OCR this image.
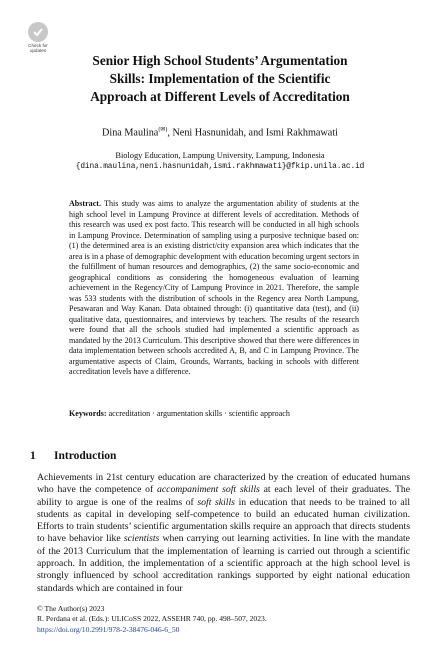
Check for
updates
Senior High School Students’ Argumentation
Skills: Implementation of the Scientific
Approach at Different Levels of Accreditation
Dina Maulina(✉), Neni Hasnunidah, and Ismi Rakhmawati
Biology Education, Lampung University, Lampung, Indonesia
{dina.maulina,neni.hasnunidah,ismi.rakhmawati}@fkip.unila.ac.id
Abstract. This study was aims to analyze the argumentation ability of students at the high school level in Lampung Province at different levels of accreditation. Methods of this research was used ex post facto. This research will be conducted in all high schools in Lampung Province. Determination of sampling using a purposive technique based on: (1) the determined area is an existing district/city expansion area which indicates that the area is in a phase of demographic development with education becoming urgent sectors in the fulfillment of human resources and demographics, (2) the same socio-economic and geographical conditions as considering the homogeneous evaluation of learning achievement in the Regency/City of Lampung Province in 2021. Therefore, the sample was 533 students with the distribution of schools in the Regency area North Lampung, Pesawaran and Way Kanan. Data obtained through: (i) quantitative data (test), and (ii) qualitative data, questionnaires, and interviews by teachers. The results of the research were found that all the schools studied had implemented a scientific approach as mandated by the 2013 Curriculum. This descriptive showed that there were differences in data implementation between schools accredited A, B, and C in Lampung Province. The argumentative aspects of Claim, Grounds, Warrants, backing in schools with different accreditation levels have a difference.
Keywords: accreditation · argumentation skills · scientific approach
1 Introduction
Achievements in 21st century education are characterized by the creation of educated humans who have the competence of accompaniment soft skills at each level of their graduates. The ability to argue is one of the realms of soft skills in education that needs to be trained to all students as capital in developing self-competence to build an educated human civilization. Efforts to train students’ scientific argumentation skills require an approach that directs students to have behavior like scientists when carrying out learning activities. In line with the mandate of the 2013 Curriculum that the implementation of learning is carried out through a scientific approach. In addition, the implementation of a scientific approach at the high school level is strongly influenced by school accreditation rankings supported by eight national education standards which are contained in four
© The Author(s) 2023
R. Perdana et al. (Eds.): ULICoSS 2022, ASSEHR 740, pp. 498–507, 2023.
https://doi.org/10.2991/978-2-38476-046-6_50
